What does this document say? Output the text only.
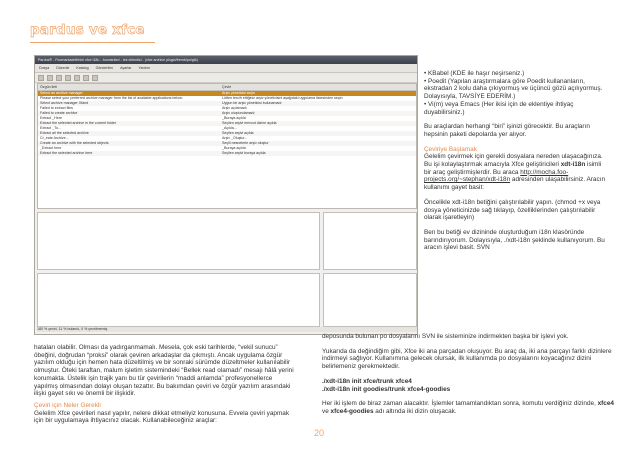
pardus ve xfce
Pardus® - Foomarkadnfbhiei xfce i18n - foomarked - tek eklentisi - (xfce archive plugin/fremb/po/gtk)
Dosya Düzenle Katalog Gönderilen Ayarlar Yardım
Özgün ileti	Çeviri
Select an archive manager	Arşiv yöneticisi seçin
Please select your preferred archive manager from the list of available applications below:	Lütfen tercih ettiğiniz arşiv yöneticisini aşağıdaki uygulama listesinden seçin:
Select archive manager Xfand	Uygun bir arşiv yöneticisi bulunamadı
Failed to extract files	Arşiv açılamadı
Failed to create archive	Arşiv oluşturulamadı
Extract _Here	_Buraya açıkla
Extract the selected archive in the current folder	Seçilen arşivi mevcut dizine açıkla
Extract _To...	_Açıkla...
Extract all the selected archive	Seçilen arşivi açıkla
Cr_eate Archive...	Arşiv _Oluştur...
Create an archive with the selected objects	Seçili nesnelerle arşiv oluştur
_Extract here	_Buraya açıkla
Extract the selected archive here	Seçilen arşivi buraya açıkla
180 % çeviri, 11 % bulanık, 0 % çevrilmemiş

• KBabel (KDE ile haşır neşirseniz.)

• Poedit (Yapılan araştırmalara göre Poedit kullananların, ekstradan 2 kolu daha çıkıyormuş ve üçüncü gözü açılıyormuş. Dolayısıyla, TAVSİYE EDERİM.)

• Vi(m) veya Emacs (Her ikisi için de eklentiye ihtiyaç duyabilirsiniz.)

Bu araçlardan herhangi “biri” işinizi görecektir. Bu araçların hepsinin paketi depolarda yer alıyor.

Çeviriye Başlamak

Gelelim çevirmek için gerekli dosyalara nereden ulaşacağınıza. Bu işi kolaylaştırmak amacıyla Xfce geliştiricileri xdt-i18n isimli bir araç geliştirmişlerdir. Bu araca http://mocha.foo-projects.org/~stephan/xdt-i18n adresinden ulaşabilirsiniz. Aracın kullanımı gayet basit:

Öncelikle xdt-i18n betiğini çalıştırılabilir yapın. (chmod +x veya dosya yöneticinizde sağ tıklayıp, özelliklerinden çalıştırılabilir olarak işaretleyin)

Ben bu betiği ev dizininde oluşturduğum i18n klasöründe barındırıyorum. Dolayısıyla, ./xdt-i18n şeklinde kullanıyorum. Bu aracın işlevi basit. SVN

hataları olabilir. Olması da yadırganmamalı. Mesela, çok eski tarihlerde, “vekil sunucu” öbeğini, doğrudan “proksi” olarak çeviren arkadaşlar da çıkmıştı. Ancak uygulama özgür yazılım olduğu için hemen hata düzeltilmiş ve bir sonraki sürümde düzeltmeler kullanılabilir olmuştur. Öteki taraftan, malum işletim sistemindeki “Bellek read olamadı” mesajı hâlâ yerini korumakta. Üstelik işin trajik yanı bu tür çevirilerin “maddi anlamda” profesyonellerce yapılmış olmasından dolayı oluşan tezattır. Bu bakımdan çeviri ve özgür yazılım arasındaki ilişki gayet sıkı ve önemli bir ilişkidir.

Çeviri için Neler Gerekli

Gelelim Xfce çevirileri nasıl yapılır, nelere dikkat etmeliyiz konusuna. Evvela çeviri yapmak için bir uygulamaya ihtiyacınız olacak. Kullanabileceğiniz araçlar:

deposunda bulunan po dosyalarını SVN ile sisteminize indirmekten başka bir işlevi yok.

Yukarıda da değindiğim gibi, Xfce iki ana parçadan oluşuyor. Bu araç da, iki ana parçayı farklı dizinlere indirmeyi sağlıyor. Kullanımına gelecek olursak, ilk kullanımda po dosyalarını koyacağınız dizini belirlemeniz gerekmektedir.

./xdt-i18n init xfce/trunk xfce4

./xdt-i18n init goodies/trunk xfce4-goodies

Her iki işlem de biraz zaman alacaktır. İşlemler tamamlandıktan sonra, komutu verdiğiniz dizinde, xfce4 ve xfce4-goodies adı altında iki dizin oluşacak.

20
